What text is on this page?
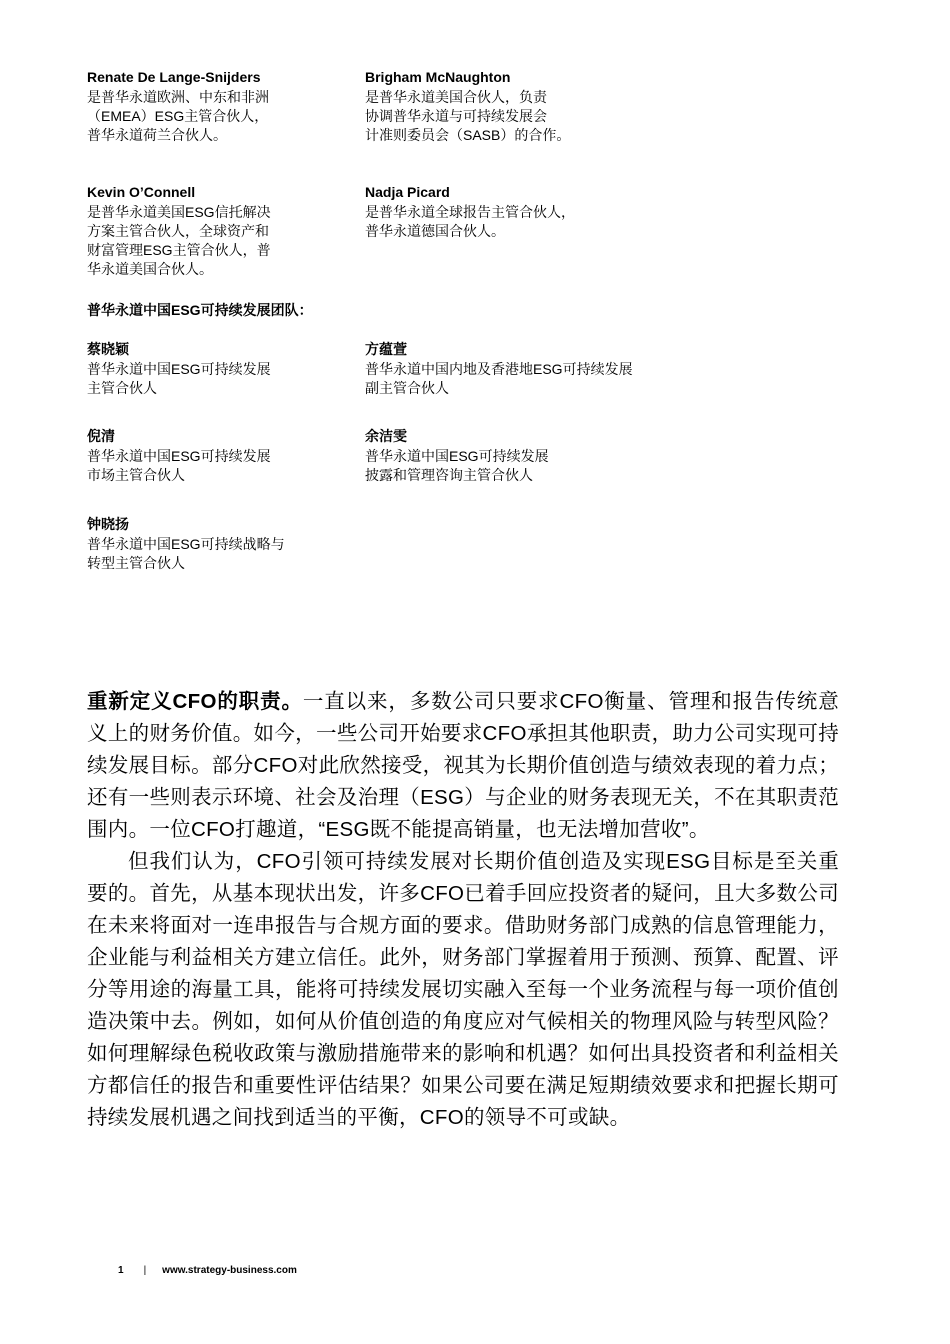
Renate De Lange-Snijders

是普华永道欧洲、中东和非洲
（EMEA）ESG主管合伙人，
普华永道荷兰合伙人。

Brigham McNaughton

是普华永道美国合伙人，负责
协调普华永道与可持续发展会
计准则委员会（SASB）的合作。

Kevin O’Connell

是普华永道美国ESG信托解决
方案主管合伙人，全球资产和
财富管理ESG主管合伙人，普
华永道美国合伙人。

Nadja Picard

是普华永道全球报告主管合伙人，
普华永道德国合伙人。

普华永道中国ESG可持续发展团队：

蔡晓颖

普华永道中国ESG可持续发展
主管合伙人

方蕴萱

普华永道中国内地及香港地ESG可持续发展
副主管合伙人

倪清

普华永道中国ESG可持续发展
市场主管合伙人

余洁雯

普华永道中国ESG可持续发展
披露和管理咨询主管合伙人

钟晓扬

普华永道中国ESG可持续战略与
转型主管合伙人

重新定义CFO的职责。一直以来，多数公司只要求CFO衡量、管理和报告传统意义上的财务价值。如今，一些公司开始要求CFO承担其他职责，助力公司实现可持续发展目标。部分CFO对此欣然接受，视其为长期价值创造与绩效表现的着力点；还有一些则表示环境、社会及治理（ESG）与企业的财务表现无关，不在其职责范围内。一位CFO打趣道，“ESG既不能提高销量，也无法增加营收”。

但我们认为，CFO引领可持续发展对长期价值创造及实现ESG目标是至关重要的。首先，从基本现状出发，许多CFO已着手回应投资者的疑问，且大多数公司在未来将面对一连串报告与合规方面的要求。借助财务部门成熟的信息管理能力，企业能与利益相关方建立信任。此外，财务部门掌握着用于预测、预算、配置、评分等用途的海量工具，能将可持续发展切实融入至每一个业务流程与每一项价值创造决策中去。例如，如何从价值创造的角度应对气候相关的物理风险与转型风险？如何理解绿色税收政策与激励措施带来的影响和机遇？如何出具投资者和利益相关方都信任的报告和重要性评估结果？如果公司要在满足短期绩效要求和把握长期可持续发展机遇之间找到适当的平衡，CFO的领导不可或缺。

1 | www.strategy-business.com
